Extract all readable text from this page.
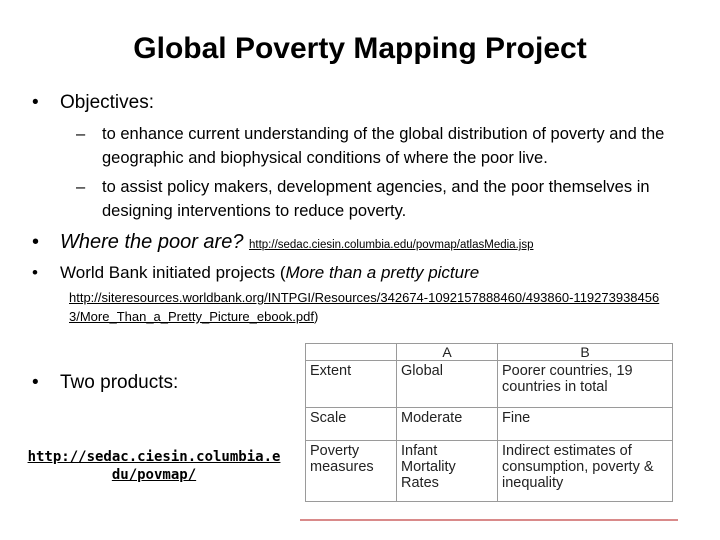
Global Poverty Mapping Project
• Objectives:
– to enhance current understanding of the global distribution of poverty and the geographic and biophysical conditions of where the poor live.
– to assist policy makers, development agencies, and the poor themselves in designing interventions to reduce poverty.
• Where the poor are? http://sedac.ciesin.columbia.edu/povmap/atlasMedia.jsp
• World Bank initiated projects (More than a pretty picture
http://siteresources.worldbank.org/INTPGI/Resources/342674-1092157888460/493860-1192739384563/More_Than_a_Pretty_Picture_ebook.pdf)
• Two products:
http://sedac.ciesin.columbia.edu/povmap/
	A	B
Extent	Global	Poorer countries, 19 countries in total
Scale	Moderate	Fine
Poverty measures	Infant Mortality Rates	Indirect estimates of consumption, poverty & inequality
